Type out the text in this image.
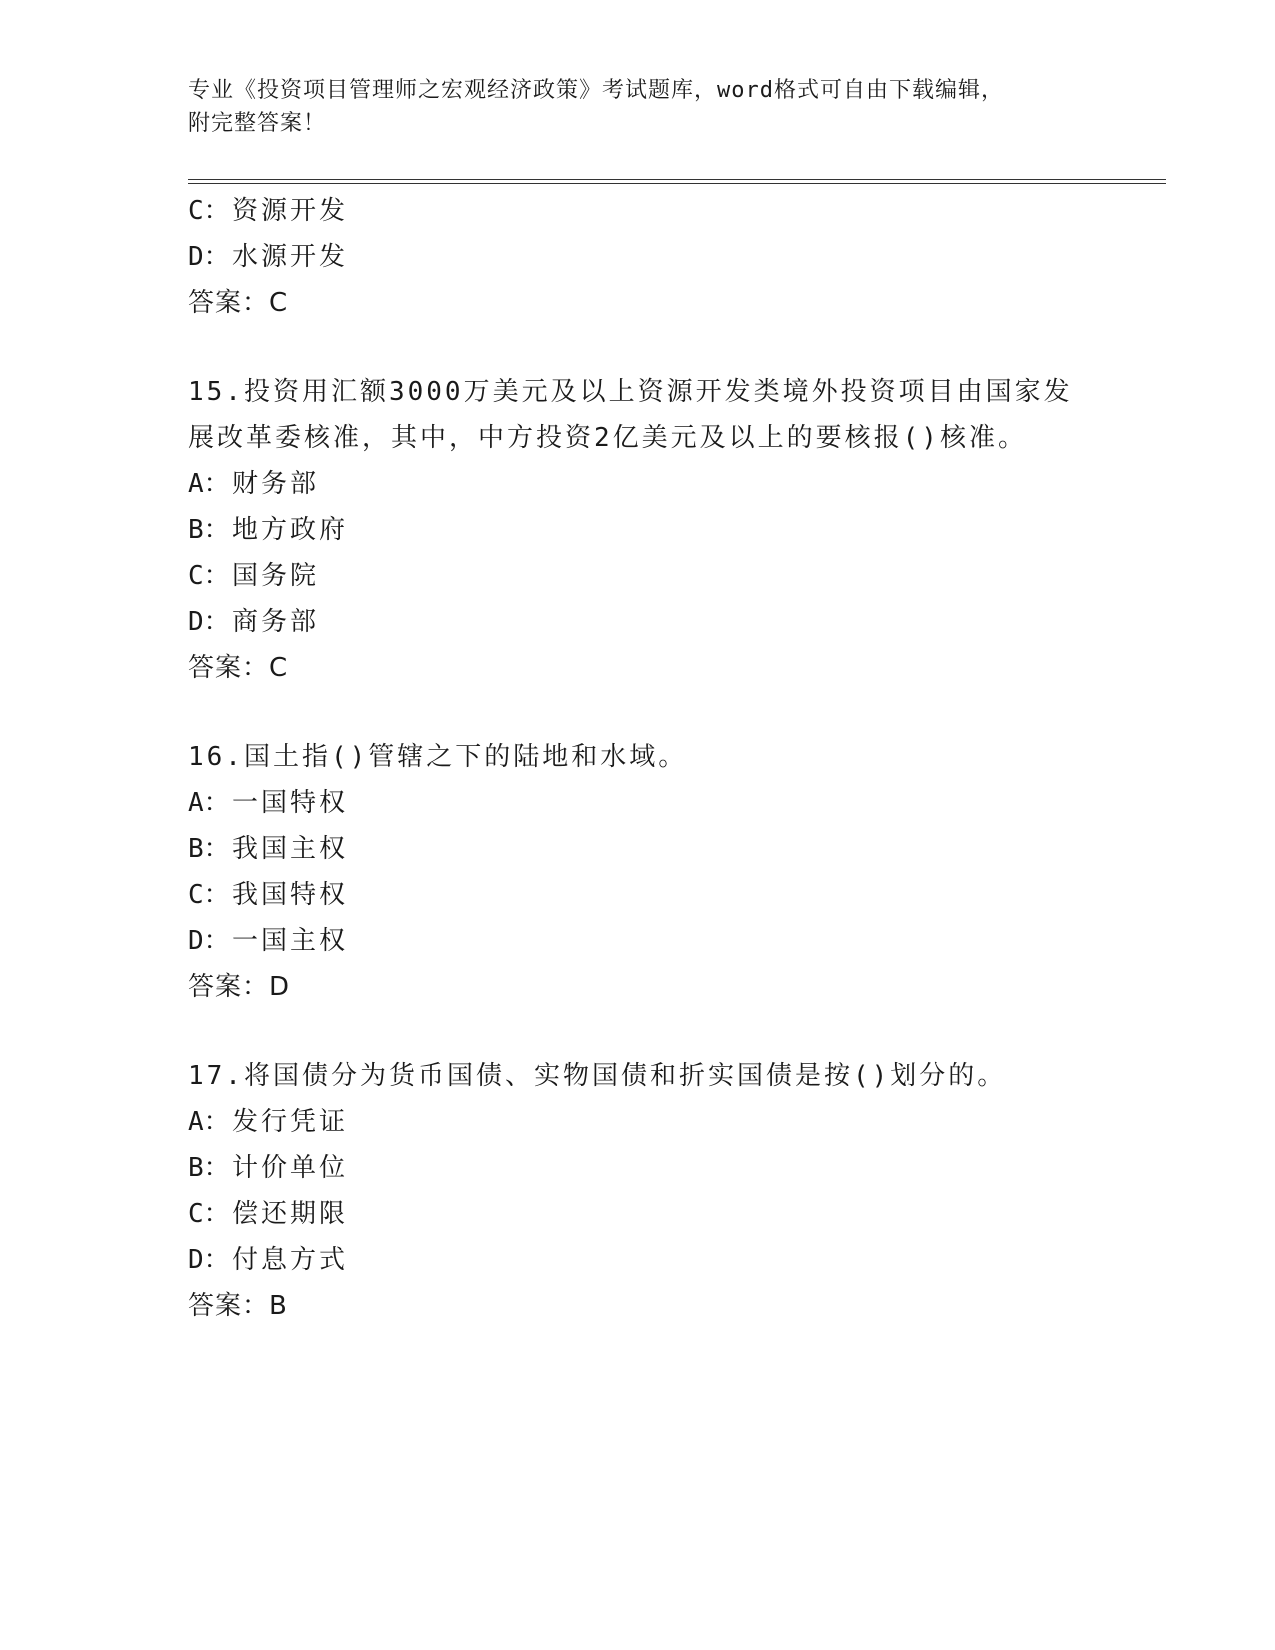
专业《投资项目管理师之宏观经济政策》考试题库，word格式可自由下载编辑，
附完整答案！
C：资源开发
D：水源开发
答案：C
15.投资用汇额3000万美元及以上资源开发类境外投资项目由国家发
展改革委核准，其中，中方投资2亿美元及以上的要核报()核准。
A：财务部
B：地方政府
C：国务院
D：商务部
答案：C
16.国土指()管辖之下的陆地和水域。
A：一国特权
B：我国主权
C：我国特权
D：一国主权
答案：D
17.将国债分为货币国债、实物国债和折实国债是按()划分的。
A：发行凭证
B：计价单位
C：偿还期限
D：付息方式
答案：B
